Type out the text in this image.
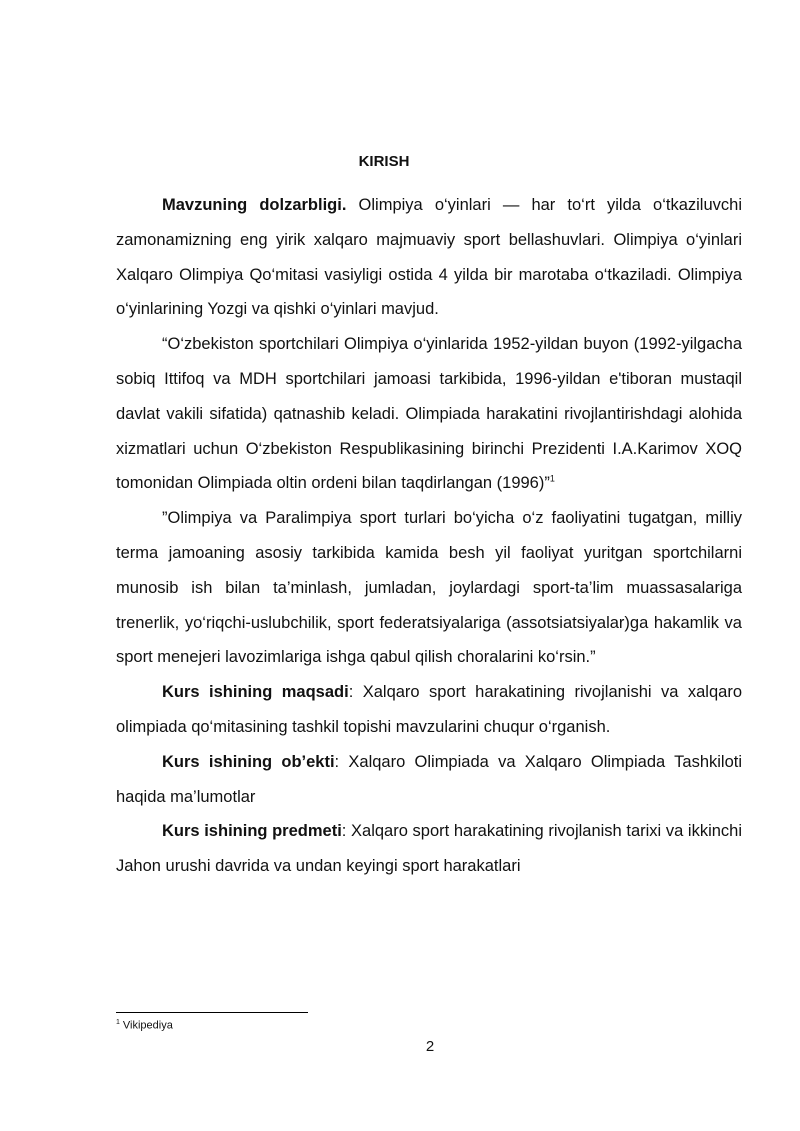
KIRISH

Mavzuning dolzarbligi. Olimpiya o‘yinlari — har to‘rt yilda o‘tkaziluvchi zamonamizning eng yirik xalqaro majmuaviy sport bellashuvlari. Olimpiya o‘yinlari Xalqaro Olimpiya Qo‘mitasi vasiyligi ostida 4 yilda bir marotaba o‘tkaziladi. Olimpiya o‘yinlarining Yozgi va qishki o‘yinlari mavjud.

“O‘zbekiston sportchilari Olimpiya o‘yinlarida 1952-yildan buyon (1992-yilgacha sobiq Ittifoq va MDH sportchilari jamoasi tarkibida, 1996-yildan e'tiboran mustaqil davlat vakili sifatida) qatnashib keladi. Olimpiada harakatini rivojlantirishdagi alohida xizmatlari uchun O‘zbekiston Respublikasining birinchi Prezidenti I.A.Karimov XOQ tomonidan Olimpiada oltin ordeni bilan taqdirlangan (1996)”$^1$

”Olimpiya va Paralimpiya sport turlari bo‘yicha o‘z faoliyatini tugatgan, milliy terma jamoaning asosiy tarkibida kamida besh yil faoliyat yuritgan sportchilarni munosib ish bilan ta’minlash, jumladan, joylardagi sport-ta’lim muassasalariga trenerlik, yo‘riqchi-uslubchilik, sport federatsiyalariga (assotsiatsiyalar)ga hakamlik va sport menejeri lavozimlariga ishga qabul qilish choralarini ko‘rsin.”

Kurs ishining maqsadi: Xalqaro sport harakatining rivojlanishi va xalqaro olimpiada qo‘mitasining tashkil topishi mavzularini chuqur o‘rganish.

Kurs ishining ob’ekti: Xalqaro Olimpiada va Xalqaro Olimpiada Tashkiloti haqida ma’lumotlar

Kurs ishining predmeti: Xalqaro sport harakatining rivojlanish tarixi va ikkinchi Jahon urushi davrida va undan keyingi sport harakatlari

$^1$ Vikipediya

2
